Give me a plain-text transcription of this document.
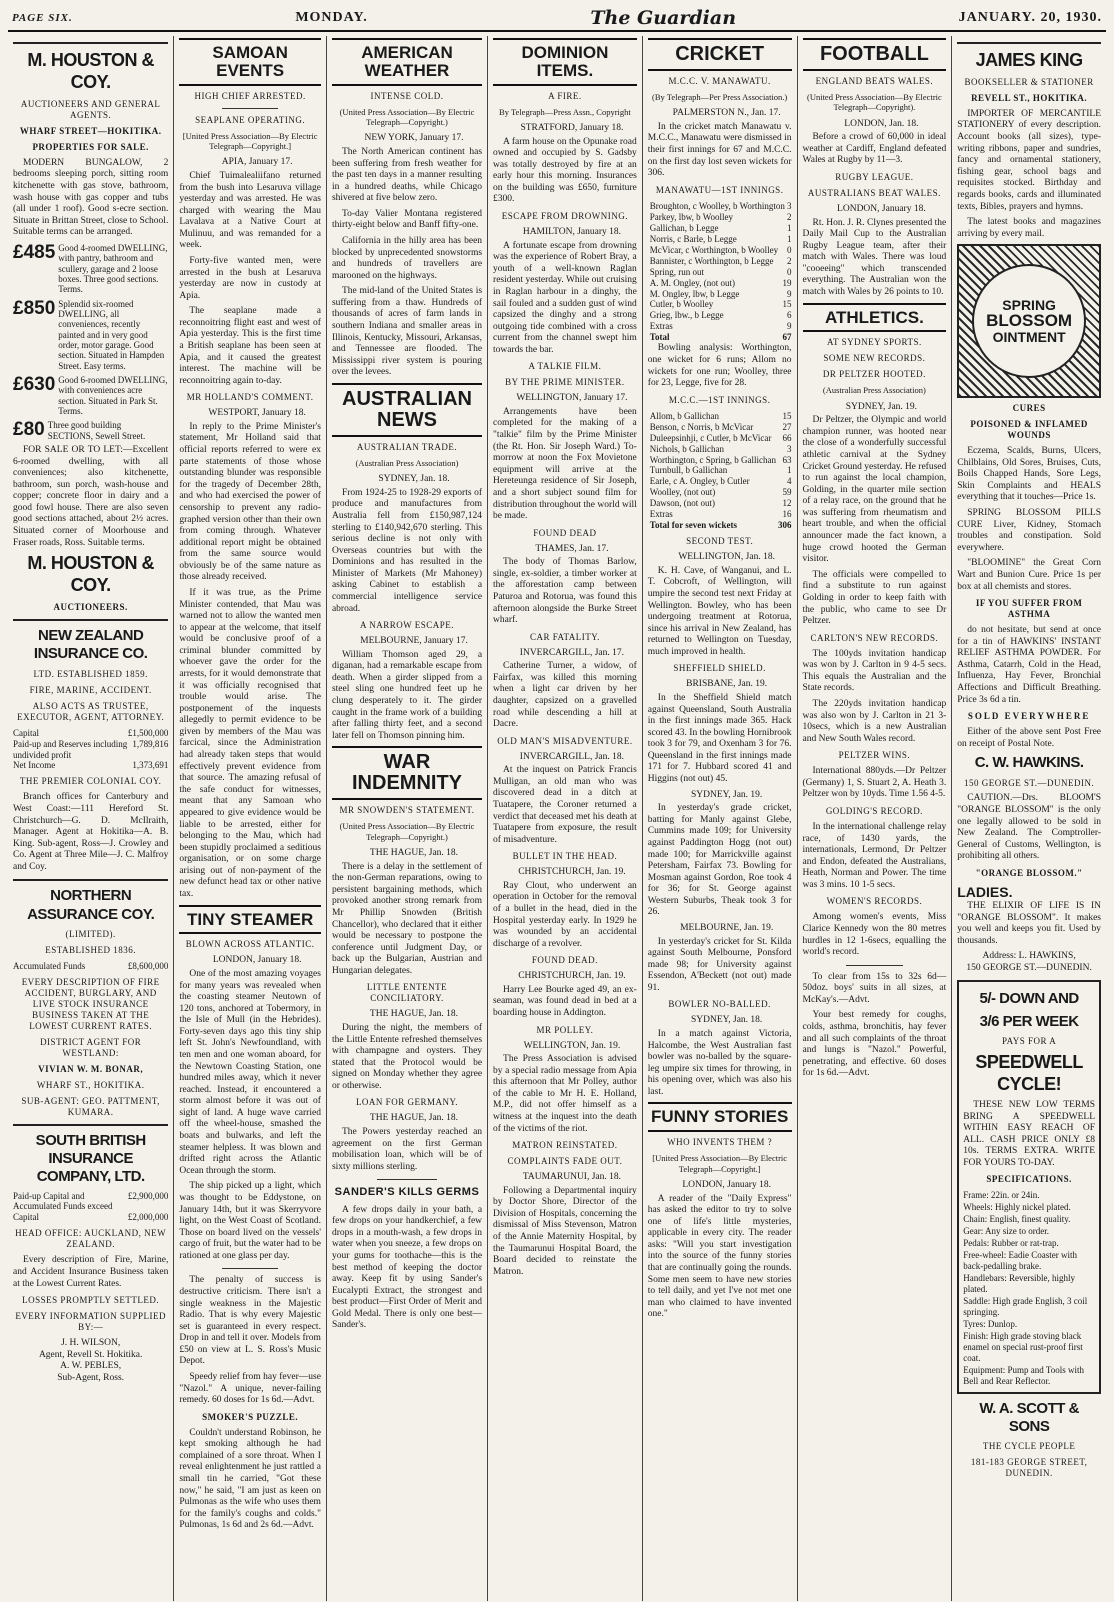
PAGE SIX.	MONDAY.	The Guardian	JANUARY. 20, 1930.
M. HOUSTON & COY.
AUCTIONEERS AND GENERAL AGENTS.
WHARF STREET—HOKITIKA.
PROPERTIES FOR SALE.

MODERN BUNGALOW, 2 bedrooms sleeping porch, sitting room kitchenette with gas stove, bathroom, wash house with gas copper and tubs (all under 1 roof). Good s-ecre section. Situate in Brittan Street, close to School. Suitable terms can be arranged.

£485 Good 4-roomed DWELLING, with pantry, bathroom and scullery, garage and 2 loose boxes. Three good sections. Terms.
£850 Splendid six-roomed DWELLING, all conveniences, recently painted and in very good order, motor garage. Good section. Situated in Hampden Street. Easy terms.
£630 Good 6-roomed DWELLING, with conveniences acre section. Situated in Park St. Terms.
£80 Three good building SECTIONS, Sewell Street.

FOR SALE OR TO LET:—Excellent 6-roomed dwelling, with all conveniences; also kitchenette, bathroom, sun porch, wash-house and copper; concrete floor in dairy and a good fowl house. There are also seven good sections attached, about 2½ acres. Situated corner of Moorhouse and Fraser roads, Ross. Suitable terms.

M. HOUSTON & COY.
AUCTIONEERS.
NEW ZEALAND INSURANCE CO.
LTD. ESTABLISHED 1859.
FIRE, MARINE, ACCIDENT.
ALSO ACTS AS TRUSTEE, EXECUTOR, AGENT, ATTORNEY.
Capital	£1,500,000
Paid-up and Reserves including undivided profit
1,789,816
Net Income	1,373,691
THE PREMIER COLONIAL COY.

Branch offices for Canterbury and West Coast:—111 Hereford St. Christchurch—G. D. McIlraith, Manager. Agent at Hokitika—A. B. King. Sub-agent, Ross—J. Crowley and Co. Agent at Three Mile—J. C. Malfroy and Coy.

NORTHERN ASSURANCE COY.
(LIMITED).
ESTABLISHED 1836.
Accumulated Funds	£8,600,000
EVERY DESCRIPTION OF FIRE ACCIDENT, BURGLARY, AND LIVE STOCK INSURANCE BUSINESS TAKEN AT THE LOWEST CURRENT RATES.
DISTRICT AGENT FOR WESTLAND:
VIVIAN W. M. BONAR,
WHARF ST., HOKITIKA.
SUB-AGENT: GEO. PATTMENT, KUMARA.
SOUTH BRITISH INSURANCE COMPANY, LTD.
Paid-up Capital and Accumulated Funds exceed
£2,900,000
Capital	£2,000,000
HEAD OFFICE: AUCKLAND, NEW ZEALAND.

Every description of Fire, Marine, and Accident Insurance Business taken at the Lowest Current Rates.

LOSSES PROMPTLY SETTLED.
EVERY INFORMATION SUPPLIED BY:—
J. H. WILSON,
Agent, Revell St. Hokitika.
A. W. PEBLES,
Sub-Agent, Ross.
SAMOAN EVENTS
HIGH CHIEF ARRESTED.
SEAPLANE OPERATING.
[United Press Association—By Electric Telegraph—Copyright.]
APIA, January 17.

Chief Tuimalealiifano returned from the bush into Lesaruva village yesterday and was arrested. He was charged with wearing the Mau Lavalava at a Native Court at Mulinuu, and was remanded for a week.

Forty-five wanted men, were arrested in the bush at Lesaruva yesterday are now in custody at Apia.

The seaplane made a reconnoitring flight east and west of Apia yesterday. This is the first time a British seaplane has been seen at Apia, and it caused the greatest interest. The machine will be reconnoitring again to-day.

MR HOLLAND'S COMMENT.
WESTPORT, January 18.

In reply to the Prime Minister's statement, Mr Holland said that official reports referred to were ex parte statements of those whose outstanding blunder was responsible for the tragedy of December 28th, and who had exercised the power of censorship to prevent any radio-graphed version other than their own from coming through. Whatever additional report might be obtained from the same source would obviously be of the same nature as those already received.

If it was true, as the Prime Minister contended, that Mau was warned not to allow the wanted men to appear at the welcome, that itself would be conclusive proof of a criminal blunder committed by whoever gave the order for the arrests, for it would demonstrate that it was officially recognised that trouble would arise. The postponement of the inquests allegedly to permit evidence to be given by members of the Mau was farcical, since the Administration had already taken steps that would effectively prevent evidence from that source. The amazing refusal of the safe conduct for witnesses, meant that any Samoan who appeared to give evidence would be liable to be arrested, either for belonging to the Mau, which had been stupidly proclaimed a seditious organisation, or on some charge arising out of non-payment of the new defunct head tax or other native tax.

TINY STEAMER
BLOWN ACROSS ATLANTIC.
LONDON, January 18.

One of the most amazing voyages for many years was revealed when the coasting steamer Neutown of 120 tons, anchored at Tobermory, in the Isle of Mull (in the Hebrides). Forty-seven days ago this tiny ship left St. John's Newfoundland, with ten men and one woman aboard, for the Newtown Coasting Station, one hundred miles away, which it never reached. Instead, it encountered a storm almost before it was out of sight of land. A huge wave carried off the wheel-house, smashed the boats and bulwarks, and left the steamer helpless. It was blown and drifted right across the Atlantic Ocean through the storm.

The ship picked up a light, which was thought to be Eddystone, on January 14th, but it was Skerryvore light, on the West Coast of Scotland. Those on board lived on the vessels' cargo of fruit, but the water had to be rationed at one glass per day.

The penalty of success is destructive criticism. There isn't a single weakness in the Majestic Radio. That is why every Majestic set is guaranteed in every respect. Drop in and tell it over. Models from £50 on view at L. S. Ross's Music Depot.

Speedy relief from hay fever—use "Nazol." A unique, never-failing remedy. 60 doses for 1s 6d.—Advt.

SMOKER'S PUZZLE.

Couldn't understand Robinson, he kept smoking although he had complained of a sore throat. When I reveal enlightenment he just rattled a small tin he carried, "Got these now," he said, "I am just as keen on Pulmonas as the wife who uses them for the family's coughs and colds." Pulmonas, 1s 6d and 2s 6d.—Advt.

AMERICAN WEATHER
INTENSE COLD.
(United Press Association—By Electric Telegraph—Copyright.)
NEW YORK, January 17.

The North American continent has been suffering from fresh weather for the past ten days in a manner resulting in a hundred deaths, while Chicago shivered at five below zero.

To-day Valier Montana registered thirty-eight below and Banff fifty-one.

California in the hilly area has been blocked by unprecedented snowstorms and hundreds of travellers are marooned on the highways.

The mid-land of the United States is suffering from a thaw. Hundreds of thousands of acres of farm lands in southern Indiana and smaller areas in Illinois, Kentucky, Missouri, Arkansas, and Tennessee are flooded. The Mississippi river system is pouring over the levees.

AUSTRALIAN NEWS
AUSTRALIAN TRADE.
(Australian Press Association)
SYDNEY, Jan. 18.

From 1924-25 to 1928-29 exports of produce and manufactures from Australia fell from £150,987,124 sterling to £140,942,670 sterling. This serious decline is not only with Overseas countries but with the Dominions and has resulted in the Minister of Markets (Mr Mahoney) asking Cabinet to establish a commercial intelligence service abroad.

A NARROW ESCAPE.
MELBOURNE, January 17.

William Thomson aged 29, a diganan, had a remarkable escape from death. When a girder slipped from a steel sling one hundred feet up he clung desperately to it. The girder caught in the frame work of a building after falling thirty feet, and a second later fell on Thomson pinning him.

WAR INDEMNITY
MR SNOWDEN'S STATEMENT.
(United Press Association—By Electric Telegraph—Copyright.)
THE HAGUE, Jan. 18.

There is a delay in the settlement of the non-German reparations, owing to persistent bargaining methods, which provoked another strong remark from Mr Phillip Snowden (British Chancellor), who declared that it either would be necessary to postpone the conference until Judgment Day, or back up the Bulgarian, Austrian and Hungarian delegates.

LITTLE ENTENTE CONCILIATORY.
THE HAGUE, Jan. 18.

During the night, the members of the Little Entente refreshed themselves with champagne and oysters. They stated that the Protocol would be signed on Monday whether they agree or otherwise.

LOAN FOR GERMANY.
THE HAGUE, Jan. 18.

The Powers yesterday reached an agreement on the first German mobilisation loan, which will be of sixty millions sterling.

SANDER'S KILLS GERMS

A few drops daily in your bath, a few drops on your handkerchief, a few drops in a mouth-wash, a few drops in water when you sneeze, a few drops on your gums for toothache—this is the best method of keeping the doctor away. Keep fit by using Sander's Eucalypti Extract, the strongest and best product—First Order of Merit and Gold Medal. There is only one best—Sander's.

DOMINION ITEMS.
A FIRE.
By Telegraph—Press Assn., Copyright
STRATFORD, January 18.

A farm house on the Opunake road owned and occupied by S. Gadsby was totally destroyed by fire at an early hour this morning. Insurances on the building was £650, furniture £300.

ESCAPE FROM DROWNING.
HAMILTON, January 18.

A fortunate escape from drowning was the experience of Robert Bray, a youth of a well-known Raglan resident yesterday. While out cruising in Raglan harbour in a dinghy, the sail fouled and a sudden gust of wind capsized the dinghy and a strong outgoing tide combined with a cross current from the channel swept him towards the bar.

A TALKIE FILM.
BY THE PRIME MINISTER.
WELLINGTON, January 17.

Arrangements have been completed for the making of a "talkie" film by the Prime Minister (the Rt. Hon. Sir Joseph Ward.) To-morrow at noon the Fox Movietone equipment will arrive at the Hereteunga residence of Sir Joseph, and a short subject sound film for distribution throughout the world will be made.

FOUND DEAD
THAMES, Jan. 17.

The body of Thomas Barlow, single, ex-soldier, a timber worker at the afforestation camp between Paturoa and Rotorua, was found this afternoon alongside the Burke Street wharf.

CAR FATALITY.
INVERCARGILL, Jan. 17.

Catherine Turner, a widow, of Fairfax, was killed this morning when a light car driven by her daughter, capsized on a gravelled road while descending a hill at Dacre.

OLD MAN'S MISADVENTURE.
INVERCARGILL, Jan. 18.

At the inquest on Patrick Francis Mulligan, an old man who was discovered dead in a ditch at Tuatapere, the Coroner returned a verdict that deceased met his death at Tuatapere from exposure, the result of misadventure.

BULLET IN THE HEAD.
CHRISTCHURCH, Jan. 19.

Ray Clout, who underwent an operation in October for the removal of a bullet in the head, died in the Hospital yesterday early. In 1929 he was wounded by an accidental discharge of a revolver.

FOUND DEAD.
CHRISTCHURCH, Jan. 19.

Harry Lee Bourke aged 49, an ex-seaman, was found dead in bed at a boarding house in Addington.

MR POLLEY.
WELLINGTON, Jan. 19.

The Press Association is advised by a special radio message from Apia this afternoon that Mr Polley, author of the cable to Mr H. E. Holland, M.P., did not offer himself as a witness at the inquest into the death of the victims of the riot.

MATRON REINSTATED.
COMPLAINTS FADE OUT.
TAUMARUNUI, Jan. 18.

Following a Departmental inquiry by Doctor Shore, Director of the Division of Hospitals, concerning the dismissal of Miss Stevenson, Matron of the Annie Maternity Hospital, by the Taumarunui Hospital Board, the Board decided to reinstate the Matron.

CRICKET
M.C.C. V. MANAWATU.
(By Telegraph—Per Press Association.)
PALMERSTON N., Jan. 17.

In the cricket match Manawatu v. M.C.C., Manawatu were dismissed in their first innings for 67 and M.C.C. on the first day lost seven wickets for 306.

MANAWATU—1ST INNINGS.
Broughton, c Woolley, b Worthington 3
Parkey, lbw, b Woolley	2
Gallichan, b Legge	1
Norris, c Barle, b Legge	1
McVicar, c Worthington, b Woolley 0
Bannister, c Worthington, b Legge 2
Spring, run out	0
A. M. Ongley, (not out)	19
M. Ongley, lbw, b Legge	9
Cutler, b Woolley	15
Grieg, lbw., b Legge	6
Extras	9
Total	67

Bowling analysis: Worthington, one wicket for 6 runs; Allom no wickets for one run; Woolley, three for 23, Legge, five for 28.

M.C.C.—1ST INNINGS.
Allom, b Gallichan	15
Benson, c Norris, b McVicar	27
Duleepsinhji, c Cutler, b McVicar 66
Nichols, b Gallichan	3
Worthington, c Spring, b Gallichan 63
Turnbull, b Gallichan	1
Earle, c A. Ongley, b Cutler	4
Woolley, (not out)	59
Dawson, (not out)	12
Extras	16
Total for seven wickets	306
SECOND TEST.
WELLINGTON, Jan. 18.

K. H. Cave, of Wanganui, and L. T. Cobcroft, of Wellington, will umpire the second test next Friday at Wellington. Bowley, who has been undergoing treatment at Rotorua, since his arrival in New Zealand, has returned to Wellington on Tuesday, much improved in health.

SHEFFIELD SHIELD.
BRISBANE, Jan. 19.

In the Sheffield Shield match against Queensland, South Australia in the first innings made 365. Hack scored 43. In the bowling Hornibrook took 3 for 79, and Oxenham 3 for 76. Queensland in the first innings made 171 for 7. Hubbard scored 41 and Higgins (not out) 45.

SYDNEY, Jan. 19.

In yesterday's grade cricket, batting for Manly against Glebe, Cummins made 109; for University against Paddington Hogg (not out) made 100; for Marrickville against Petersham, Fairfax 73. Bowling for Mosman against Gordon, Roe took 4 for 36; for St. George against Western Suburbs, Theak took 3 for 26.

MELBOURNE, Jan. 19.

In yesterday's cricket for St. Kilda against South Melbourne, Ponsford made 98; for University against Essendon, A'Beckett (not out) made 91.

BOWLER NO-BALLED.
SYDNEY, Jan. 18.

In a match against Victoria, Halcombe, the West Australian fast bowler was no-balled by the square-leg umpire six times for throwing, in his opening over, which was also his last.

FUNNY STORIES
WHO INVENTS THEM ?
[United Press Association—By Electric Telegraph—Copyright.]
LONDON, January 18.

A reader of the "Daily Express" has asked the editor to try to solve one of life's little mysteries, applicable in every city. The reader asks: "Will you start investigation into the source of the funny stories that are continually going the rounds. Some men seem to have new stories to tell daily, and yet I've not met one man who claimed to have invented one."

FOOTBALL
ENGLAND BEATS WALES.
(United Press Association—By Electric Telegraph—Copyright).
LONDON, Jan. 18.

Before a crowd of 60,000 in ideal weather at Cardiff, England defeated Wales at Rugby by 11—3.

RUGBY LEAGUE.
AUSTRALIANS BEAT WALES.
LONDON, January 18.

Rt. Hon. J. R. Clynes presented the Daily Mail Cup to the Australian Rugby League team, after their match with Wales. There was loud "cooeeing" which transcended everything. The Australian won the match with Wales by 26 points to 10.

ATHLETICS.
AT SYDNEY SPORTS.
SOME NEW RECORDS.
DR PELTZER HOOTED.
(Australian Press Association)
SYDNEY, Jan. 19.

Dr Peltzer, the Olympic and world champion runner, was hooted near the close of a wonderfully successful athletic carnival at the Sydney Cricket Ground yesterday. He refused to run against the local champion, Golding, in the quarter mile section of a relay race, on the ground that he was suffering from rheumatism and heart trouble, and when the official announcer made the fact known, a huge crowd hooted the German visitor.

The officials were compelled to find a substitute to run against Golding in order to keep faith with the public, who came to see Dr Peltzer.

CARLTON'S NEW RECORDS.

The 100yds invitation handicap was won by J. Carlton in 9 4-5 secs. This equals the Australian and the State records.

The 220yds invitation handicap was also won by J. Carlton in 21 3-10secs, which is a new Australian and New South Wales record.

PELTZER WINS.

International 880yds.—Dr Peltzer (Germany) 1, S. Stuart 2, A. Heath 3. Peltzer won by 10yds. Time 1.56 4-5.

GOLDING'S RECORD.

In the international challenge relay race, of 1430 yards, the internationals, Lermond, Dr Peltzer and Endon, defeated the Australians, Heath, Norman and Power. The time was 3 mins. 10 1-5 secs.

WOMEN'S RECORDS.

Among women's events, Miss Clarice Kennedy won the 80 metres hurdles in 12 1-6secs, equalling the world's record.

To clear from 15s to 32s 6d—50doz. boys' suits in all sizes, at McKay's.—Advt.

Your best remedy for coughs, colds, asthma, bronchitis, hay fever and all such complaints of the throat and lungs is "Nazol." Powerful, penetrating, and effective. 60 doses for 1s 6d.—Advt.

JAMES KING
BOOKSELLER & STATIONER
REVELL ST., HOKITIKA.

IMPORTER OF MERCANTILE STATIONERY of every description. Account books (all sizes), type-writing ribbons, paper and sundries, fancy and ornamental stationery, fishing gear, school bags and requisites stocked. Birthday and regards books, cards and illuminated texts, Bibles, prayers and hymns.

The latest books and magazines arriving by every mail.

SPRING
BLOSSOM
OINTMENT
CURES
POISONED & INFLAMED WOUNDS

Eczema, Scalds, Burns, Ulcers, Chilblains, Old Sores, Bruises, Cuts, Boils Chapped Hands, Sore Legs, Skin Complaints and HEALS everything that it touches—Price 1s.

SPRING BLOSSOM PILLS CURE Liver, Kidney, Stomach troubles and constipation. Sold everywhere.

"BLOOMINE" the Great Corn Wart and Bunion Cure. Price 1s per box at all chemists and stores.

IF YOU SUFFER FROM ASTHMA

do not hesitate, but send at once for a tin of HAWKINS' INSTANT RELIEF ASTHMA POWDER. For Asthma, Catarrh, Cold in the Head, Influenza, Hay Fever, Bronchial Affections and Difficult Breathing. Price 3s 6d a tin.

SOLD EVERYWHERE

Either of the above sent Post Free on receipt of Postal Note.

C. W. HAWKINS.
150 GEORGE ST.—DUNEDIN.

CAUTION.—Drs. BLOOM'S "ORANGE BLOSSOM" is the only one legally allowed to be sold in New Zealand. The Comptroller-General of Customs, Wellington, is prohibiting all others.

"ORANGE BLOSSOM."
LADIES.

THE ELIXIR OF LIFE IS IN "ORANGE BLOSSOM". It makes you well and keeps you fit. Used by thousands.

Address: L. HAWKINS,
150 GEORGE ST.—DUNEDIN.
5/- DOWN AND
3/6 PER WEEK
PAYS FOR A
SPEEDWELL CYCLE!

THESE NEW LOW TERMS BRING A SPEEDWELL WITHIN EASY REACH OF ALL. CASH PRICE ONLY £8 10s. TERMS EXTRA. WRITE FOR YOURS TO-DAY.

SPECIFICATIONS.
Frame: 22in. or 24in.
Wheels: Highly nickel plated.
Chain: English, finest quality.
Gear: Any size to order.
Pedals: Rubber or rat-trap.
Free-wheel: Eadie Coaster with back-pedalling brake.
Handlebars: Reversible, highly plated.
Saddle: High grade English, 3 coil springing.
Tyres: Dunlop.
Finish: High grade stoving black enamel on special rust-proof first coat.
Equipment: Pump and Tools with Bell and Rear Reflector.
W. A. SCOTT & SONS
THE CYCLE PEOPLE
181-183 GEORGE STREET, DUNEDIN.
